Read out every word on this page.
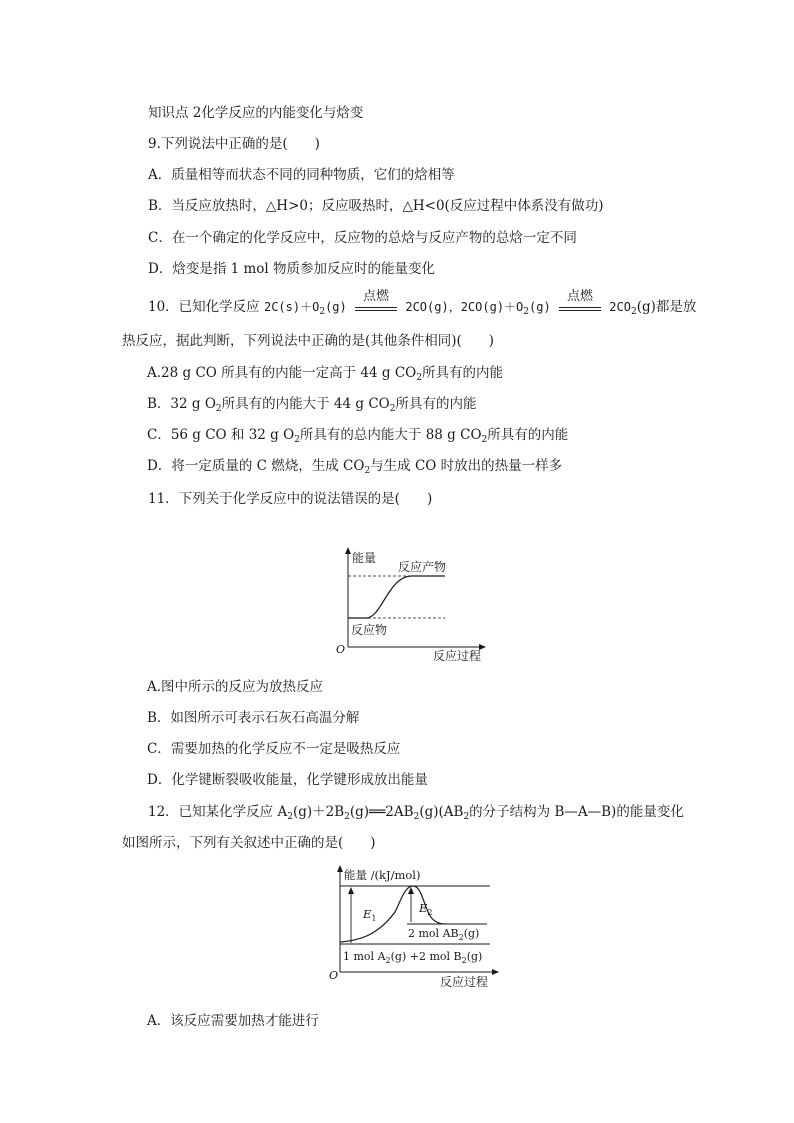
知识点 2化学反应的内能变化与焓变
9.下列说法中正确的是(　　)
A．质量相等而状态不同的同种物质，它们的焓相等
B．当反应放热时，△H>0；反应吸热时，△H<0(反应过程中体系没有做功)
C．在一个确定的化学反应中，反应物的总焓与反应产物的总焓一定不同
D．焓变是指 1 mol 物质参加反应时的能量变化
10．已知化学反应 $2C(s)+O_2(g)$
点燃
2CO(g)，$2CO(g)+O_2(g)$
点燃
$2CO_2(g)$都是放
热反应，据此判断，下列说法中正确的是(其他条件相同)(　　)
A.28 g CO 所具有的内能一定高于 44 g $CO_2$所具有的内能
B．32 g $O_2$所具有的内能大于 44 g $CO_2$所具有的内能
C．56 g CO 和 32 g $O_2$所具有的总内能大于 88 g $CO_2$所具有的内能
D．将一定质量的 C 燃烧，生成 $CO_2$与生成 CO 时放出的热量一样多
11．下列关于化学反应中的说法错误的是(　　)
能量
反应产物
反应物
O	反应过程
A.图中所示的反应为放热反应
B．如图所示可表示石灰石高温分解
C．需要加热的化学反应不一定是吸热反应
D．化学键断裂吸收能量，化学键形成放出能量
12．已知某化学反应 $A_2(g)+2B_2(g)══2AB_2(g)(AB_2$的分子结构为 B—A—B)的能量变化
如图所示，下列有关叙述中正确的是(　　)
能量 /(kJ/mol)
$E_1$
$E_2$
2 mol $AB_2(g)$
1 mol $A_2(g) +2$ mol $B_2(g)$
O	反应过程
A．该反应需要加热才能进行
